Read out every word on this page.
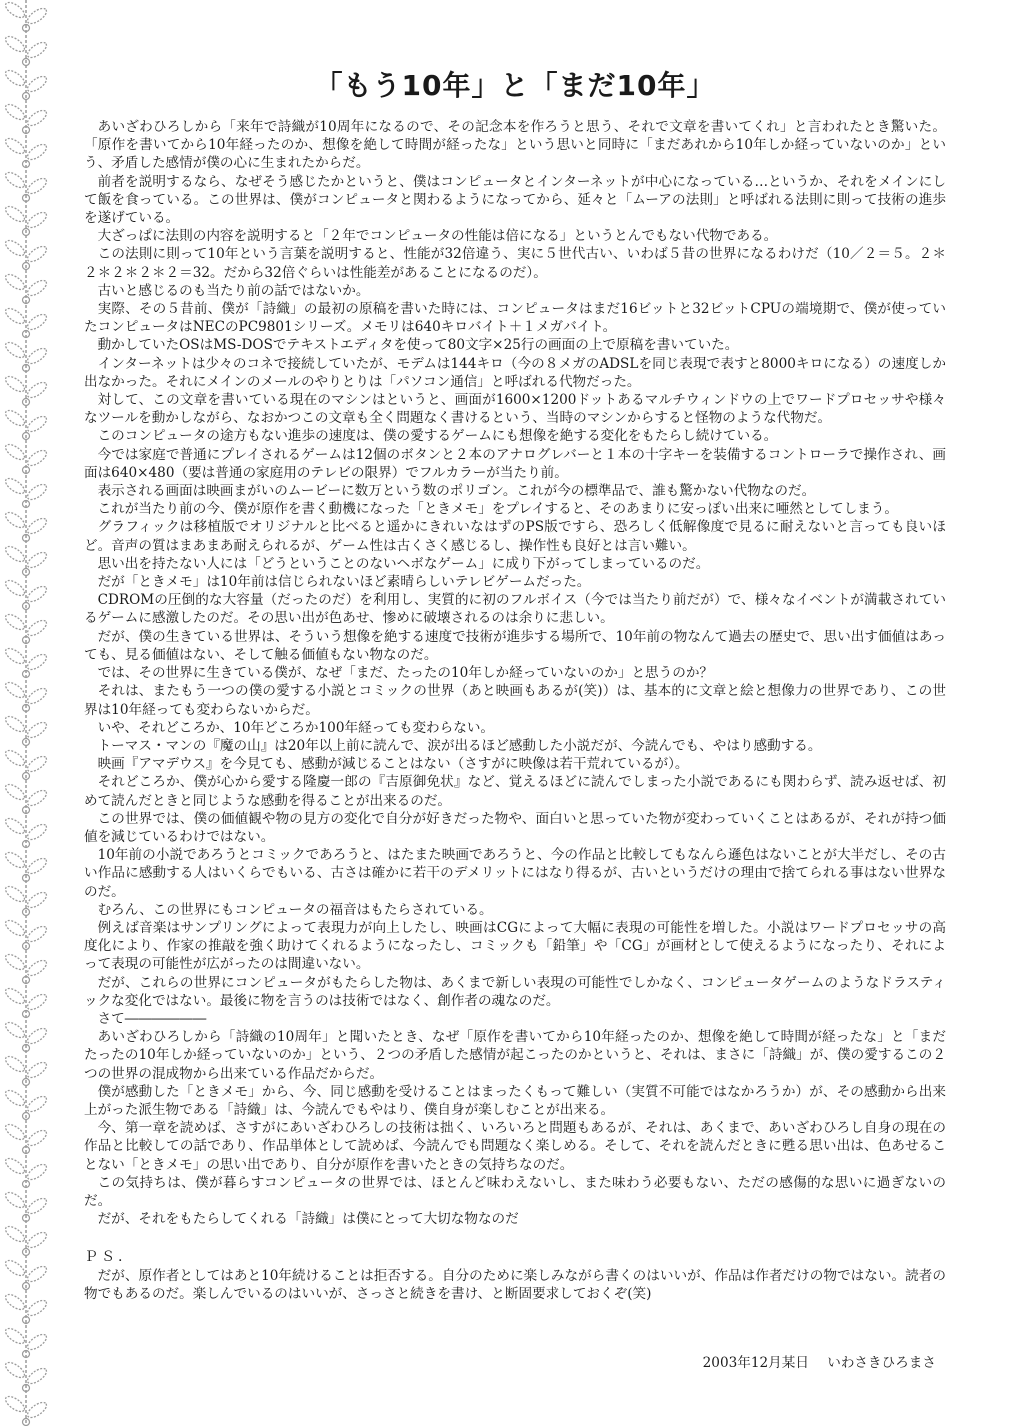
「もう10年」と「まだ10年」

あいざわひろしから「来年で詩織が10周年になるので、その記念本を作ろうと思う、それで文章を書いてくれ」と言われたとき驚いた。「原作を書いてから10年経ったのか、想像を絶して時間が経ったな」という思いと同時に「まだあれから10年しか経っていないのか」という、矛盾した感情が僕の心に生まれたからだ。

前者を説明するなら、なぜそう感じたかというと、僕はコンピュータとインターネットが中心になっている…というか、それをメインにして飯を食っている。この世界は、僕がコンピュータと関わるようになってから、延々と「ムーアの法則」と呼ばれる法則に則って技術の進歩を遂げている。

大ざっぱに法則の内容を説明すると「２年でコンピュータの性能は倍になる」というとんでもない代物である。

この法則に則って10年という言葉を説明すると、性能が32倍違う、実に５世代古い、いわば５昔の世界になるわけだ（10／２＝５。２＊２＊２＊２＊２＝32。だから32倍ぐらいは性能差があることになるのだ）。

古いと感じるのも当たり前の話ではないか。

実際、その５昔前、僕が「詩織」の最初の原稿を書いた時には、コンピュータはまだ16ビットと32ビットCPUの端境期で、僕が使っていたコンピュータはNECのPC9801シリーズ。メモリは640キロバイト＋１メガバイト。

動かしていたOSはMS-DOSでテキストエディタを使って80文字×25行の画面の上で原稿を書いていた。

インターネットは少々のコネで接続していたが、モデムは144キロ（今の８メガのADSLを同じ表現で表すと8000キロになる）の速度しか出なかった。それにメインのメールのやりとりは「パソコン通信」と呼ばれる代物だった。

対して、この文章を書いている現在のマシンはというと、画面が1600×1200ドットあるマルチウィンドウの上でワードプロセッサや様々なツールを動かしながら、なおかつこの文章も全く問題なく書けるという、当時のマシンからすると怪物のような代物だ。

このコンピュータの途方もない進歩の速度は、僕の愛するゲームにも想像を絶する変化をもたらし続けている。

今では家庭で普通にプレイされるゲームは12個のボタンと２本のアナログレバーと１本の十字キーを装備するコントローラで操作され、画面は640×480（要は普通の家庭用のテレビの限界）でフルカラーが当たり前。

表示される画面は映画まがいのムービーに数万という数のポリゴン。これが今の標準品で、誰も驚かない代物なのだ。

これが当たり前の今、僕が原作を書く動機になった「ときメモ」をプレイすると、そのあまりに安っぽい出来に唖然としてしまう。

グラフィックは移植版でオリジナルと比べると遥かにきれいなはずのPS版ですら、恐ろしく低解像度で見るに耐えないと言っても良いほど。音声の質はまあまあ耐えられるが、ゲーム性は古くさく感じるし、操作性も良好とは言い難い。

思い出を持たない人には「どうということのないヘボなゲーム」に成り下がってしまっているのだ。

だが「ときメモ」は10年前は信じられないほど素晴らしいテレビゲームだった。

CDROMの圧倒的な大容量（だったのだ）を利用し、実質的に初のフルボイス（今では当たり前だが）で、様々なイベントが満載されているゲームに感激したのだ。その思い出が色あせ、惨めに破壊されるのは余りに悲しい。

だが、僕の生きている世界は、そういう想像を絶する速度で技術が進歩する場所で、10年前の物なんて過去の歴史で、思い出す価値はあっても、見る価値はない、そして触る価値もない物なのだ。

では、その世界に生きている僕が、なぜ「まだ、たったの10年しか経っていないのか」と思うのか？

それは、またもう一つの僕の愛する小説とコミックの世界（あと映画もあるが(笑)）は、基本的に文章と絵と想像力の世界であり、この世界は10年経っても変わらないからだ。

いや、それどころか、10年どころか100年経っても変わらない。

トーマス・マンの『魔の山』は20年以上前に読んで、涙が出るほど感動した小説だが、今読んでも、やはり感動する。

映画『アマデウス』を今見ても、感動が減じることはない（さすがに映像は若干荒れているが）。

それどころか、僕が心から愛する隆慶一郎の『吉原御免状』など、覚えるほどに読んでしまった小説であるにも関わらず、読み返せば、初めて読んだときと同じような感動を得ることが出来るのだ。

この世界では、僕の価値観や物の見方の変化で自分が好きだった物や、面白いと思っていた物が変わっていくことはあるが、それが持つ価値を減じているわけではない。

10年前の小説であろうとコミックであろうと、はたまた映画であろうと、今の作品と比較してもなんら遜色はないことが大半だし、その古い作品に感動する人はいくらでもいる、古さは確かに若干のデメリットにはなり得るが、古いというだけの理由で捨てられる事はない世界なのだ。

むろん、この世界にもコンピュータの福音はもたらされている。

例えば音楽はサンプリングによって表現力が向上したし、映画はCGによって大幅に表現の可能性を増した。小説はワードプロセッサの高度化により、作家の推敲を強く助けてくれるようになったし、コミックも「鉛筆」や「CG」が画材として使えるようになったり、それによって表現の可能性が広がったのは間違いない。

だが、これらの世界にコンピュータがもたらした物は、あくまで新しい表現の可能性でしかなく、コンピュータゲームのようなドラスティックな変化ではない。最後に物を言うのは技術ではなく、創作者の魂なのだ。

さて――――――

あいざわひろしから「詩織の10周年」と聞いたとき、なぜ「原作を書いてから10年経ったのか、想像を絶して時間が経ったな」と「まだたったの10年しか経っていないのか」という、２つの矛盾した感情が起こったのかというと、それは、まさに「詩織」が、僕の愛するこの２つの世界の混成物から出来ている作品だからだ。

僕が感動した「ときメモ」から、今、同じ感動を受けることはまったくもって難しい（実質不可能ではなかろうか）が、その感動から出来上がった派生物である「詩織」は、今読んでもやはり、僕自身が楽しむことが出来る。

今、第一章を読めば、さすがにあいざわひろしの技術は拙く、いろいろと問題もあるが、それは、あくまで、あいざわひろし自身の現在の作品と比較しての話であり、作品単体として読めば、今読んでも問題なく楽しめる。そして、それを読んだときに甦る思い出は、色あせることない「ときメモ」の思い出であり、自分が原作を書いたときの気持ちなのだ。

この気持ちは、僕が暮らすコンピュータの世界では、ほとんど味わえないし、また味わう必要もない、ただの感傷的な思いに過ぎないのだ。

だが、それをもたらしてくれる「詩織」は僕にとって大切な物なのだ

ＰＳ.

だが、原作者としてはあと10年続けることは拒否する。自分のために楽しみながら書くのはいいが、作品は作者だけの物ではない。読者の物でもあるのだ。楽しんでいるのはいいが、さっさと続きを書け、と断固要求しておくぞ(笑)

2003年12月某日 いわさきひろまさ
